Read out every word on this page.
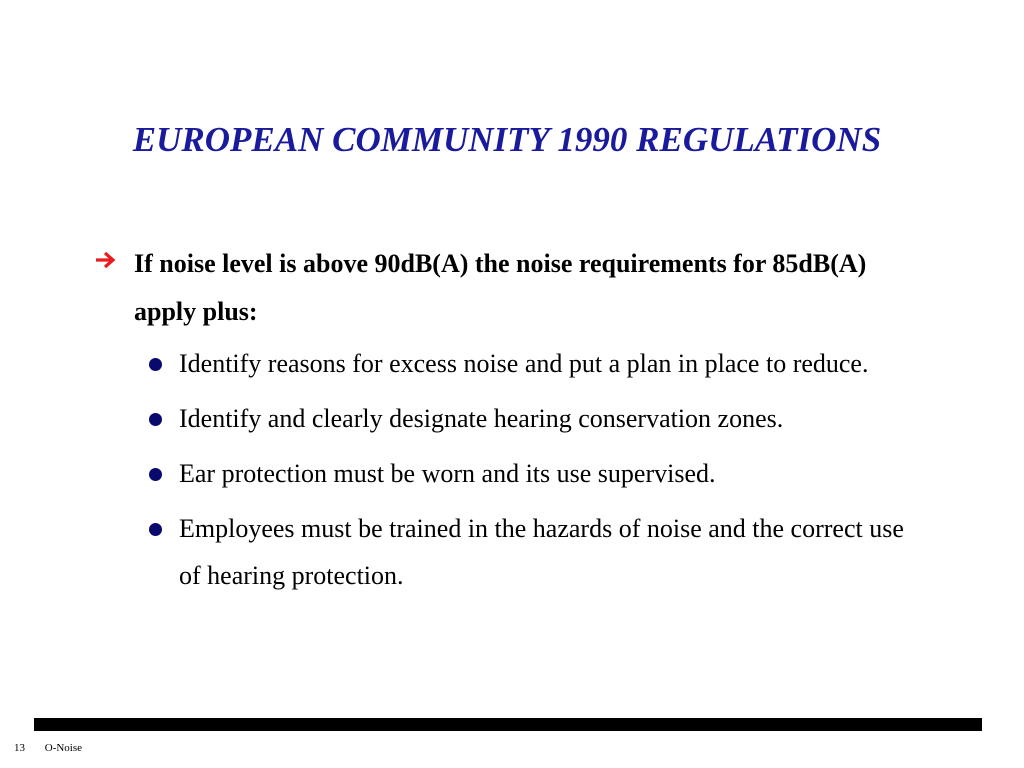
EUROPEAN COMMUNITY 1990 REGULATIONS
If noise level is above 90dB(A) the noise requirements for 85dB(A) apply plus:
Identify reasons for excess noise and put a plan in place to reduce.
Identify and clearly designate hearing conservation zones.
Ear protection must be worn and its use supervised.
Employees must be trained in the hazards of noise and the correct use of hearing protection.
13 O-Noise
